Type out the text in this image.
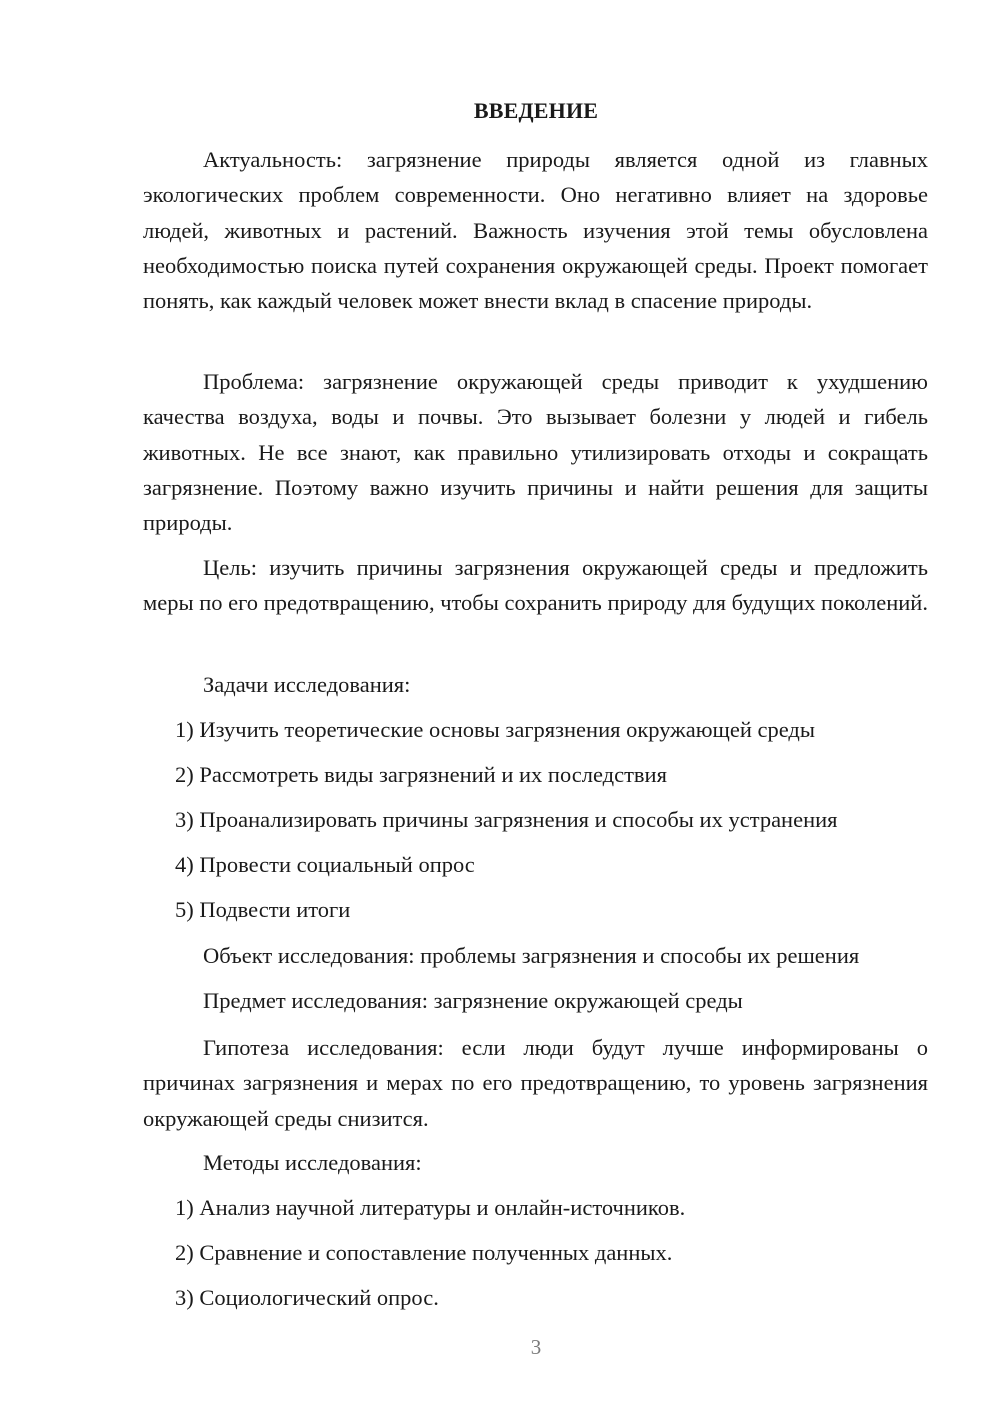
ВВЕДЕНИЕ

Актуальность: загрязнение природы является одной из главных экологических проблем современности. Оно негативно влияет на здоровье людей, животных и растений. Важность изучения этой темы обусловлена необходимостью поиска путей сохранения окружающей среды. Проект помогает понять, как каждый человек может внести вклад в спасение природы.

Проблема: загрязнение окружающей среды приводит к ухудшению качества воздуха, воды и почвы. Это вызывает болезни у людей и гибель животных. Не все знают, как правильно утилизировать отходы и сокращать загрязнение. Поэтому важно изучить причины и найти решения для защиты природы.

Цель: изучить причины загрязнения окружающей среды и предложить меры по его предотвращению, чтобы сохранить природу для будущих поколений.

Задачи исследования:
1) Изучить теоретические основы загрязнения окружающей среды
2) Рассмотреть виды загрязнений и их последствия
3) Проанализировать причины загрязнения и способы их устранения
4) Провести социальный опрос
5) Подвести итоги
Объект исследования: проблемы загрязнения и способы их решения
Предмет исследования: загрязнение окружающей среды

Гипотеза исследования: если люди будут лучше информированы о причинах загрязнения и мерах по его предотвращению, то уровень загрязнения окружающей среды снизится.

Методы исследования:
1) Анализ научной литературы и онлайн-источников.
2) Сравнение и сопоставление полученных данных.
3) Социологический опрос.
3
